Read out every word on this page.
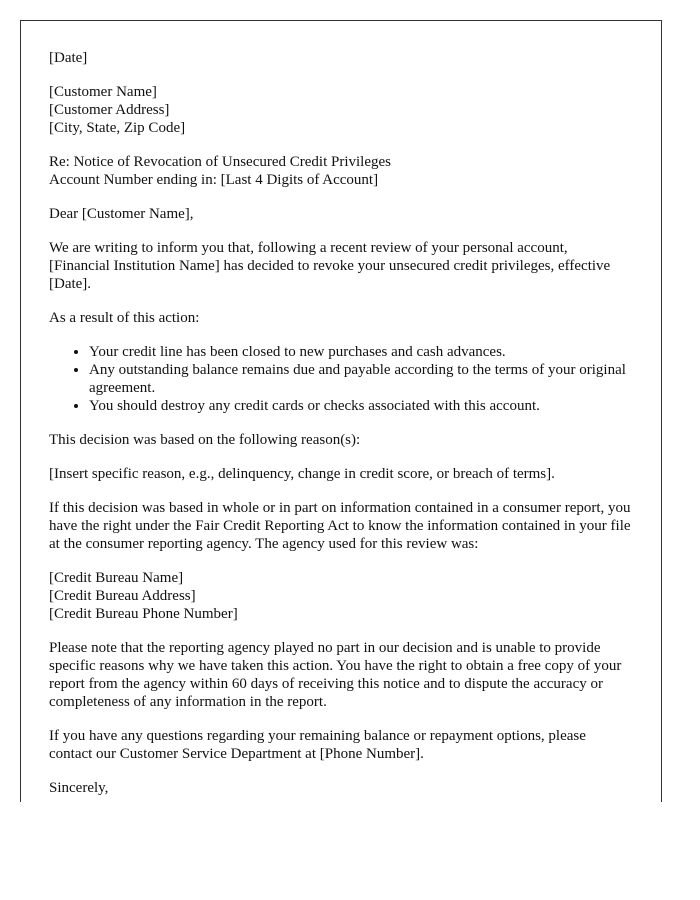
[Date]

[Customer Name]
[Customer Address]
[City, State, Zip Code]

Re: Notice of Revocation of Unsecured Credit Privileges
Account Number ending in: [Last 4 Digits of Account]

Dear [Customer Name],

We are writing to inform you that, following a recent review of your personal account, [Financial Institution Name] has decided to revoke your unsecured credit privileges, effective [Date].

As a result of this action:

• Your credit line has been closed to new purchases and cash advances.
• Any outstanding balance remains due and payable according to the terms of your original agreement.
• You should destroy any credit cards or checks associated with this account.

This decision was based on the following reason(s):

[Insert specific reason, e.g., delinquency, change in credit score, or breach of terms].

If this decision was based in whole or in part on information contained in a consumer report, you have the right under the Fair Credit Reporting Act to know the information contained in your file at the consumer reporting agency. The agency used for this review was:

[Credit Bureau Name]
[Credit Bureau Address]
[Credit Bureau Phone Number]

Please note that the reporting agency played no part in our decision and is unable to provide specific reasons why we have taken this action. You have the right to obtain a free copy of your report from the agency within 60 days of receiving this notice and to dispute the accuracy or completeness of any information in the report.

If you have any questions regarding your remaining balance or repayment options, please contact our Customer Service Department at [Phone Number].

Sincerely,
